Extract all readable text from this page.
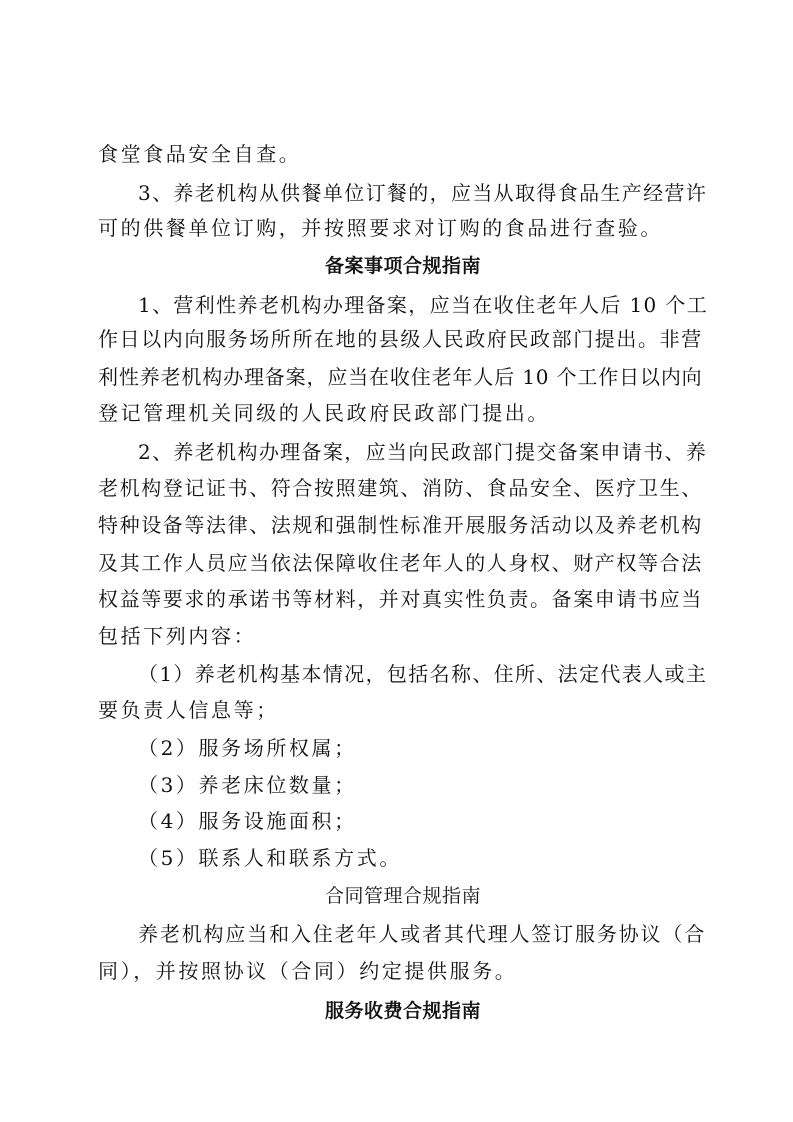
食堂食品安全自查。
3、养老机构从供餐单位订餐的，应当从取得食品生产经营许
可的供餐单位订购，并按照要求对订购的食品进行查验。
备案事项合规指南
1、营利性养老机构办理备案，应当在收住老年人后 10 个工
作日以内向服务场所所在地的县级人民政府民政部门提出。非营
利性养老机构办理备案，应当在收住老年人后 10 个工作日以内向
登记管理机关同级的人民政府民政部门提出。
2、养老机构办理备案，应当向民政部门提交备案申请书、养
老机构登记证书、符合按照建筑、消防、食品安全、医疗卫生、
特种设备等法律、法规和强制性标准开展服务活动以及养老机构
及其工作人员应当依法保障收住老年人的人身权、财产权等合法
权益等要求的承诺书等材料，并对真实性负责。备案申请书应当
包括下列内容：
（1）养老机构基本情况，包括名称、住所、法定代表人或主
要负责人信息等；
（2）服务场所权属；
（3）养老床位数量；
（4）服务设施面积；
（5）联系人和联系方式。
合同管理合规指南
养老机构应当和入住老年人或者其代理人签订服务协议（合
同），并按照协议（合同）约定提供服务。
服务收费合规指南
